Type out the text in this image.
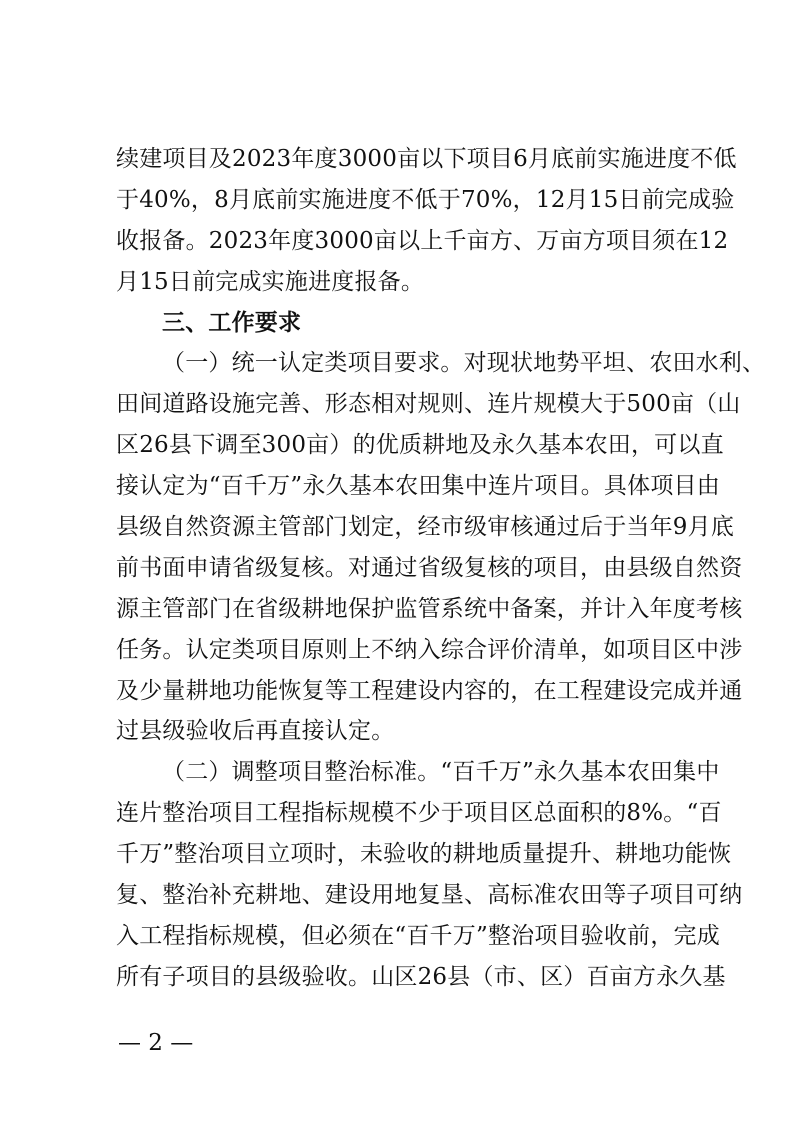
续建项目及2023年度3000亩以下项目6月底前实施进度不低
于40%，8月底前实施进度不低于70%，12月15日前完成验
收报备。2023年度3000亩以上千亩方、万亩方项目须在12
月15日前完成实施进度报备。
三、工作要求
（一）统一认定类项目要求。对现状地势平坦、农田水利、
田间道路设施完善、形态相对规则、连片规模大于500亩（山
区26县下调至300亩）的优质耕地及永久基本农田，可以直
接认定为“百千万”永久基本农田集中连片项目。具体项目由
县级自然资源主管部门划定，经市级审核通过后于当年9月底
前书面申请省级复核。对通过省级复核的项目，由县级自然资
源主管部门在省级耕地保护监管系统中备案，并计入年度考核
任务。认定类项目原则上不纳入综合评价清单，如项目区中涉
及少量耕地功能恢复等工程建设内容的，在工程建设完成并通
过县级验收后再直接认定。
（二）调整项目整治标准。“百千万”永久基本农田集中
连片整治项目工程指标规模不少于项目区总面积的8%。“百
千万”整治项目立项时，未验收的耕地质量提升、耕地功能恢
复、整治补充耕地、建设用地复垦、高标准农田等子项目可纳
入工程指标规模，但必须在“百千万”整治项目验收前，完成
所有子项目的县级验收。山区26县（市、区）百亩方永久基
— 2 —
